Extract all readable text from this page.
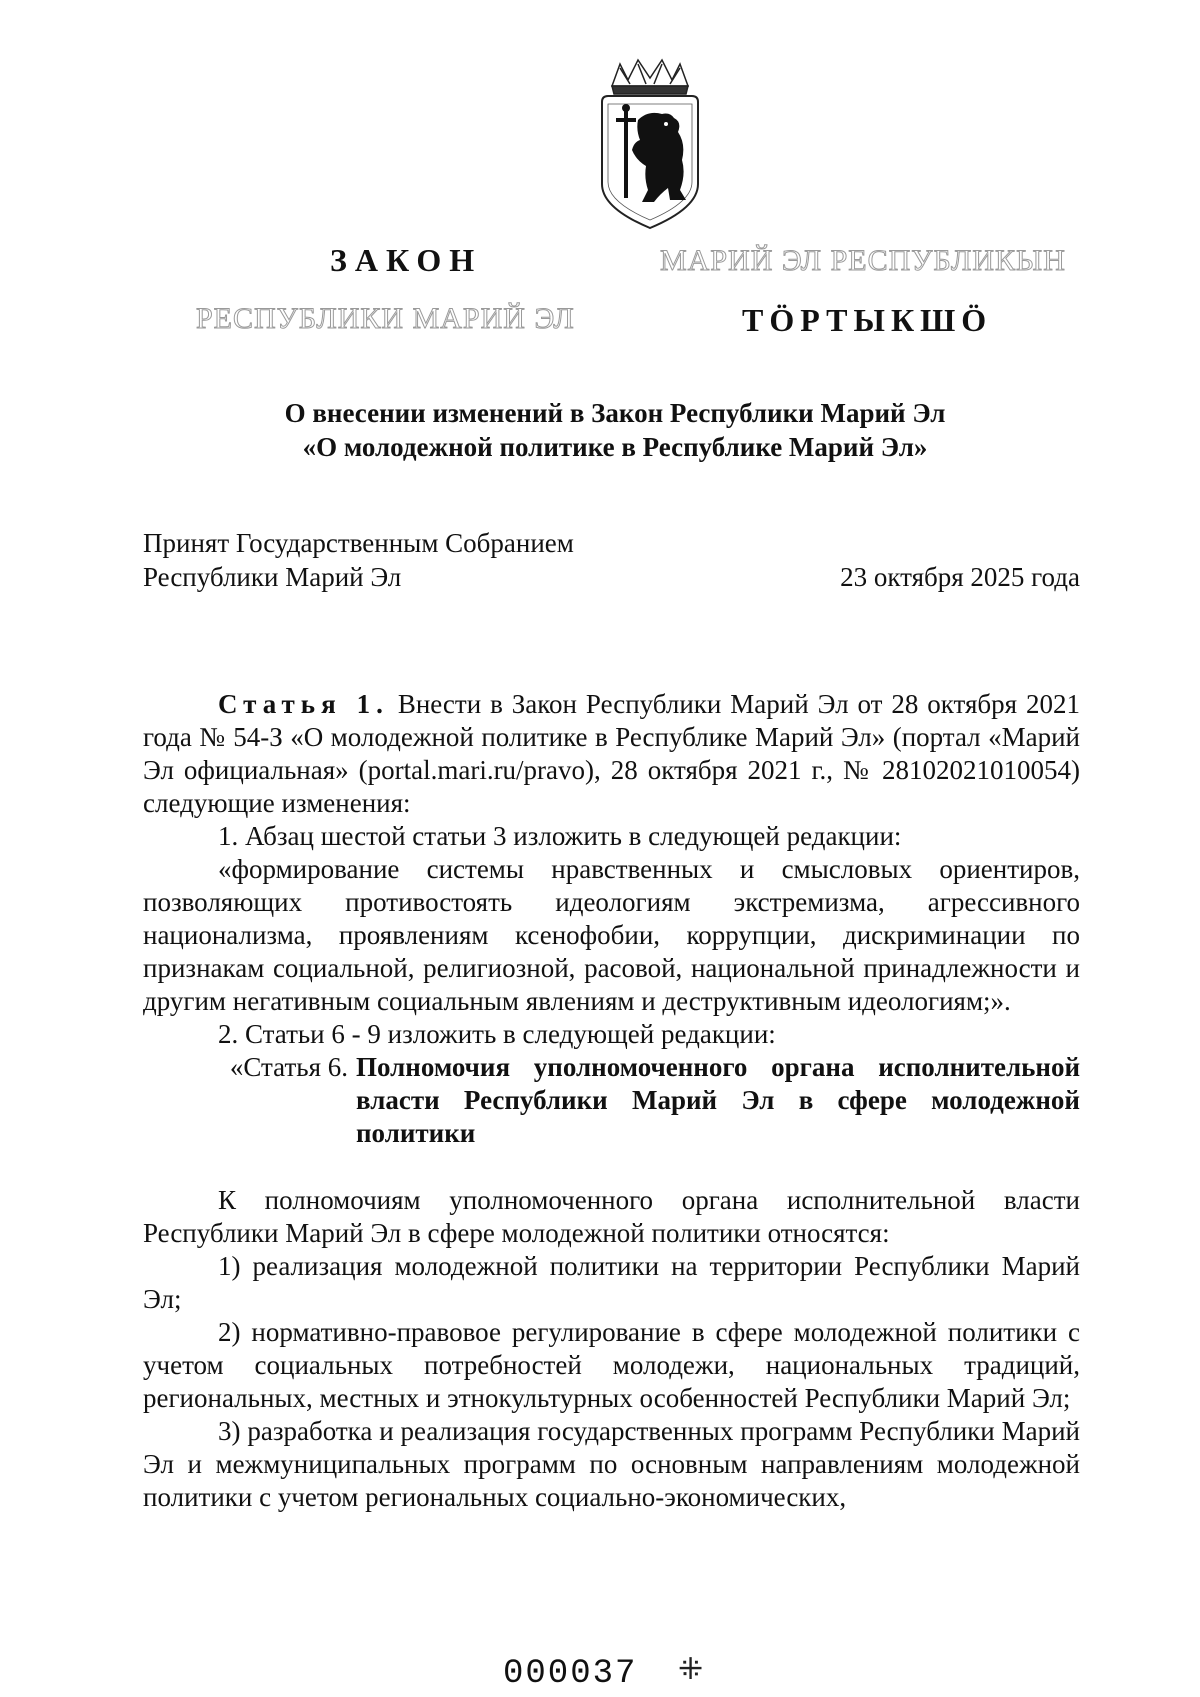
ЗАКОН	МАРИЙ ЭЛ РЕСПУБЛИКЫН
РЕСПУБЛИКИ МАРИЙ ЭЛ	ТӦРТЫКШӦ
О внесении изменений в Закон Республики Марий Эл
«О молодежной политике в Республике Марий Эл»
Принят Государственным Собранием
Республики Марий Эл	23 октября 2025 года

Статья 1. Внести в Закон Республики Марий Эл от 28 октября 2021 года № 54-З «О молодежной политике в Республике Марий Эл» (портал «Марий Эл официальная» (portal.mari.ru/pravo), 28 октября 2021 г., № 28102021010054) следующие изменения:

1. Абзац шестой статьи 3 изложить в следующей редакции:

«формирование системы нравственных и смысловых ориентиров, позволяющих противостоять идеологиям экстремизма, агрессивного национализма, проявлениям ксенофобии, коррупции, дискриминации по признакам социальной, религиозной, расовой, национальной принадлежности и другим негативным социальным явлениям и деструктивным идеологиям;».

2. Статьи 6 - 9 изложить в следующей редакции:

«Статья 6. Полномочия уполномоченного органа исполнительной власти Республики Марий Эл в сфере молодежной политики

К полномочиям уполномоченного органа исполнительной власти Республики Марий Эл в сфере молодежной политики относятся:

1) реализация молодежной политики на территории Республики Марий Эл;

2) нормативно-правовое регулирование в сфере молодежной политики с учетом социальных потребностей молодежи, национальных традиций, региональных, местных и этнокультурных особенностей Республики Марий Эл;

3) разработка и реализация государственных программ Республики Марий Эл и межмуниципальных программ по основным направлениям молодежной политики с учетом региональных социально-экономических,

000037 ⁜
